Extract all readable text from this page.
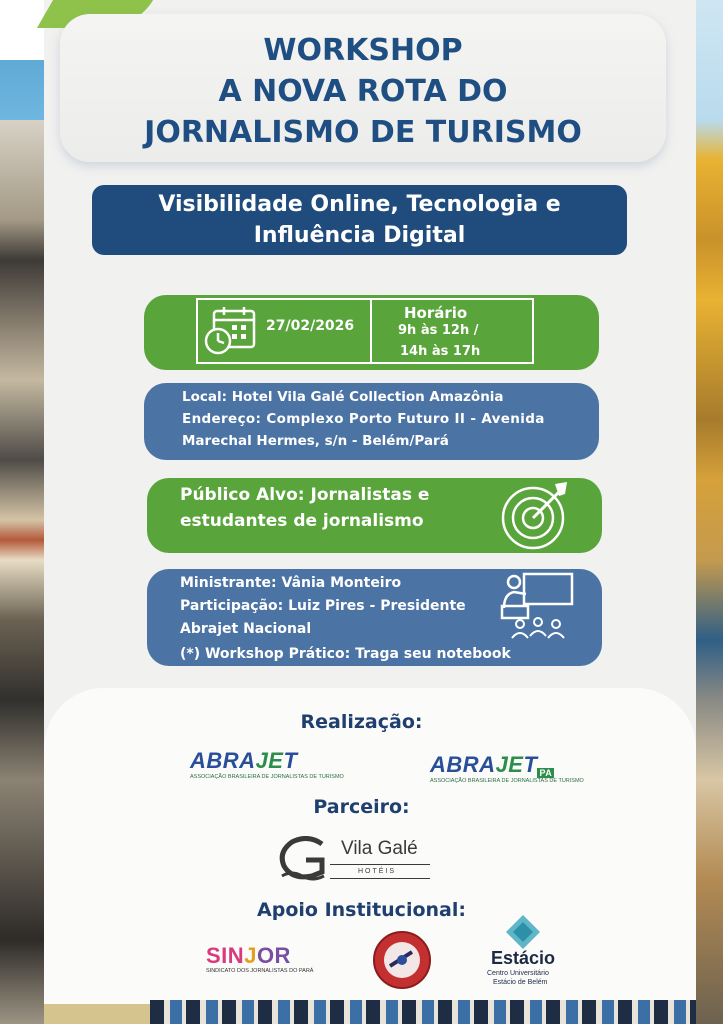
WORKSHOP
A NOVA ROTA DO
JORNALISMO DE TURISMO
Visibilidade Online, Tecnologia e
Influência Digital
27/02/2026
Horário
9h às 12h /
14h às 17h
Local: Hotel Vila Galé Collection Amazônia
Endereço: Complexo Porto Futuro II - Avenida
Marechal Hermes, s/n - Belém/Pará
Público Alvo: Jornalistas e
estudantes de jornalismo
Ministrante: Vânia Monteiro
Participação: Luiz Pires - Presidente
Abrajet Nacional
(*) Workshop Prático: Traga seu notebook
Realização:
ABRAJET
ASSOCIAÇÃO BRASILEIRA DE JORNALISTAS DE TURISMO	ABRAJET PA
ASSOCIAÇÃO BRASILEIRA DE JORNALISTAS DE TURISMO
Parceiro:
Vila Galé
HOTÉIS
Apoio Institucional:
SINJOR
SINDICATO DOS JORNALISTAS DO PARÁ
Estácio
Centro Universitário
Estácio de Belém
